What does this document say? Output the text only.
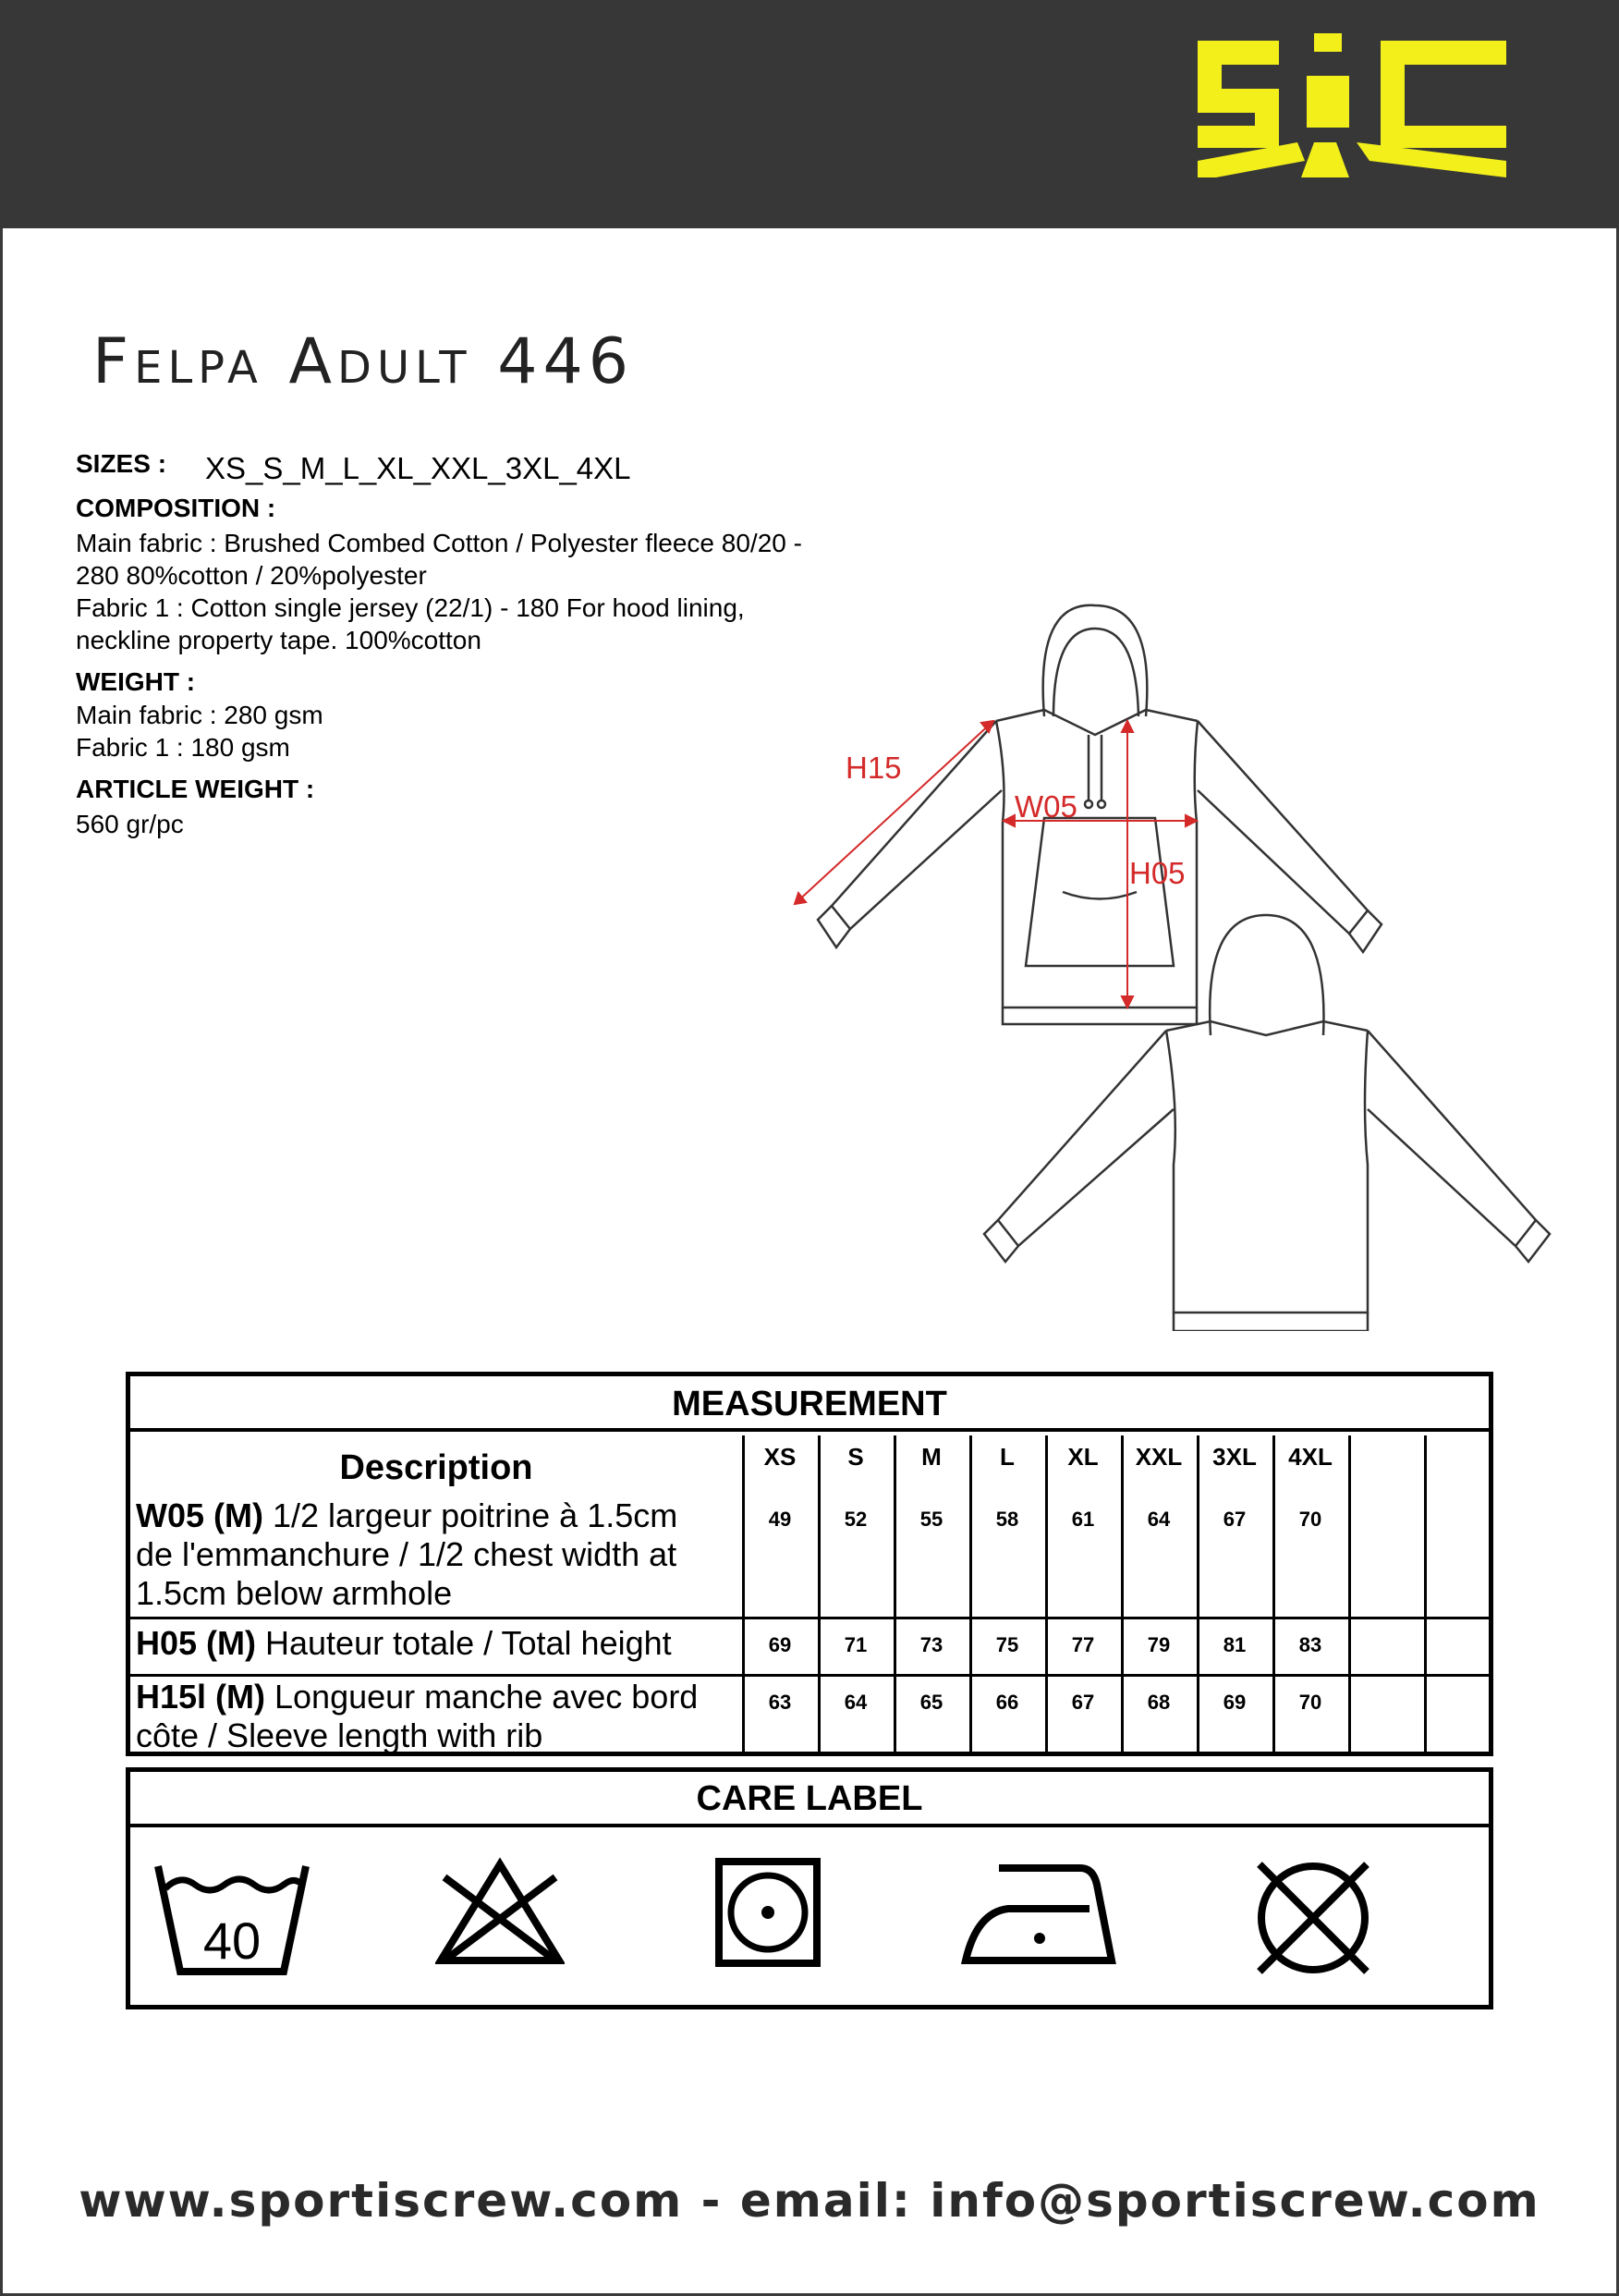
Felpa Adult 446
SIZES : XS_S_M_L_XL_XXL_3XL_4XL
COMPOSITION :
Main fabric : Brushed Combed Cotton / Polyester fleece 80/20 -
280 80%cotton / 20%polyester
Fabric 1 : Cotton single jersey (22/1) - 180 For hood lining,
neckline property tape. 100%cotton
WEIGHT :
Main fabric : 280 gsm
Fabric 1 : 180 gsm
ARTICLE WEIGHT :
560 gr/pc
H15
W05
H05
MEASUREMENT
Description	XS	S	M	L	XL	XXL	3XL	4XL
W05 (M) 1/2 largeur poitrine à 1.5cm
de l'emmanchure / 1/2 chest width at
1.5cm below armhole
49	52	55	58	61	64	67	70
H05 (M) Hauteur totale / Total height	69	71	73	75	77	79	81	83
H15l (M) Longueur manche avec bord
côte / Sleeve length with rib
63	64	65	66	67	68	69	70
CARE LABEL
40
www.sportiscrew.com - email: info@sportiscrew.com
